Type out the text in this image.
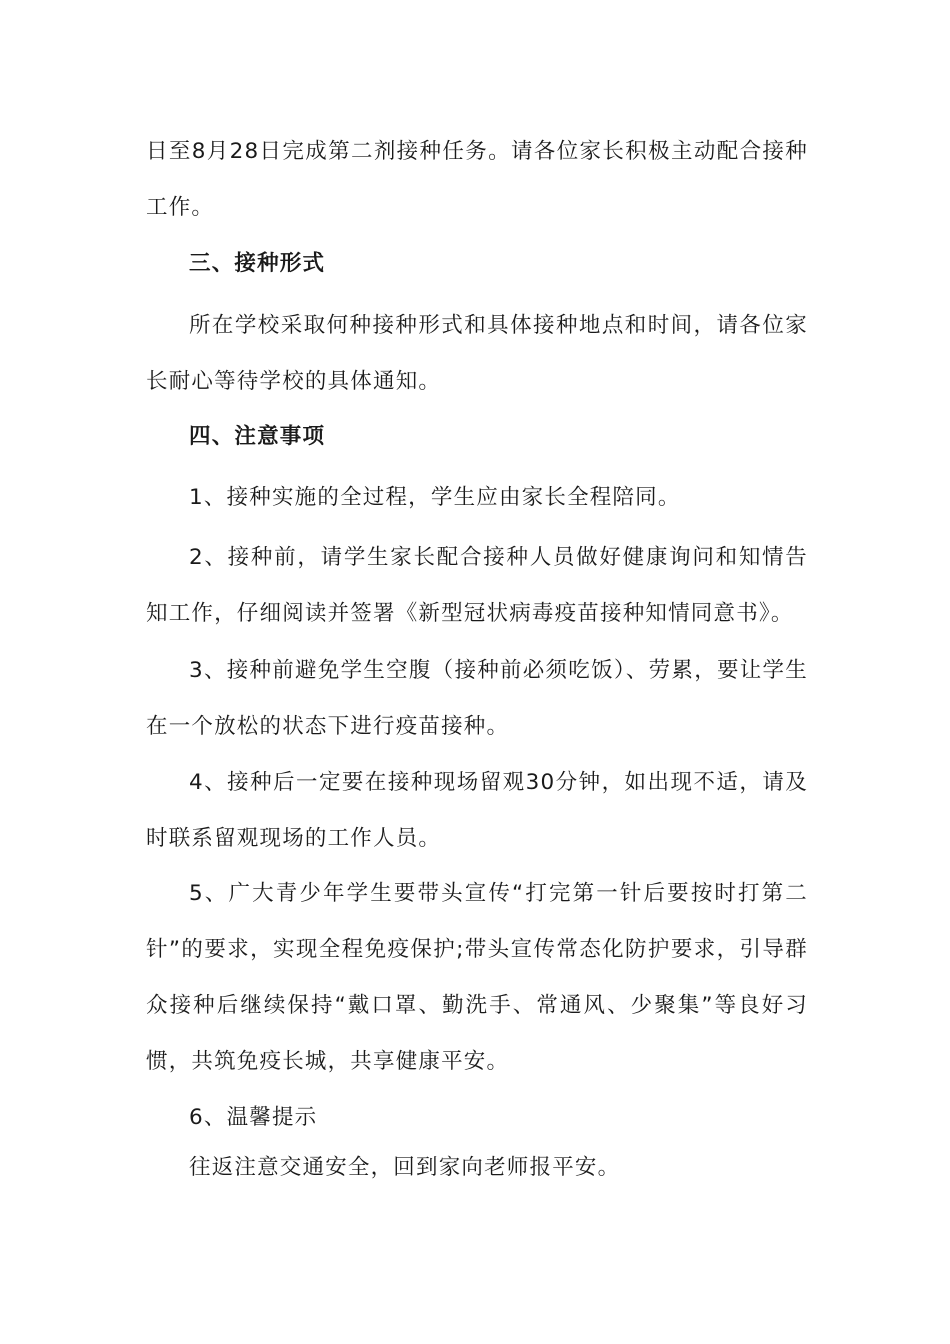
日至8月28日完成第二剂接种任务。请各位家长积极主动配合接种工作。

三、接种形式

所在学校采取何种接种形式和具体接种地点和时间，请各位家长耐心等待学校的具体通知。

四、注意事项

1、接种实施的全过程，学生应由家长全程陪同。

2、接种前，请学生家长配合接种人员做好健康询问和知情告知工作，仔细阅读并签署《新型冠状病毒疫苗接种知情同意书》。

3、接种前避免学生空腹（接种前必须吃饭）、劳累，要让学生在一个放松的状态下进行疫苗接种。

4、接种后一定要在接种现场留观30分钟，如出现不适，请及时联系留观现场的工作人员。

5、广大青少年学生要带头宣传“打完第一针后要按时打第二针”的要求，实现全程免疫保护;带头宣传常态化防护要求，引导群众接种后继续保持“戴口罩、勤洗手、常通风、少聚集”等良好习惯，共筑免疫长城，共享健康平安。

6、温馨提示

往返注意交通安全，回到家向老师报平安。
